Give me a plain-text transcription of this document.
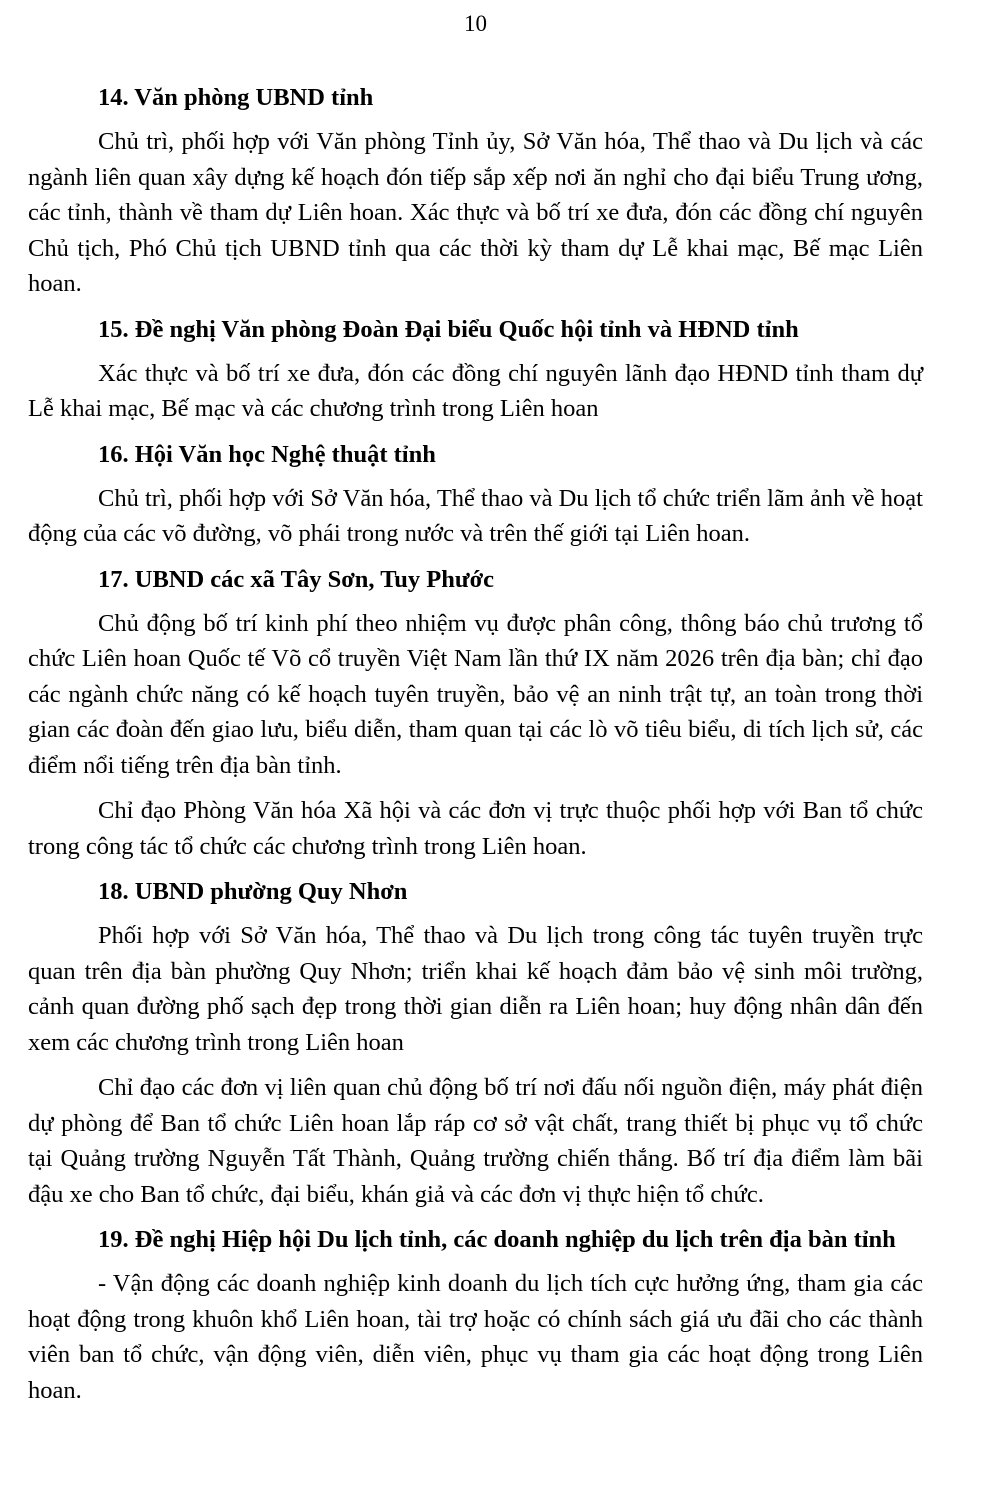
10

14. Văn phòng UBND tỉnh

Chủ trì, phối hợp với Văn phòng Tỉnh ủy, Sở Văn hóa, Thể thao và Du lịch và các ngành liên quan xây dựng kế hoạch đón tiếp sắp xếp nơi ăn nghỉ cho đại biểu Trung ương, các tỉnh, thành về tham dự Liên hoan. Xác thực và bố trí xe đưa, đón các đồng chí nguyên Chủ tịch, Phó Chủ tịch UBND tỉnh qua các thời kỳ tham dự Lễ khai mạc, Bế mạc Liên hoan.

15. Đề nghị Văn phòng Đoàn Đại biểu Quốc hội tỉnh và HĐND tỉnh

Xác thực và bố trí xe đưa, đón các đồng chí nguyên lãnh đạo HĐND tỉnh tham dự Lễ khai mạc, Bế mạc và các chương trình trong Liên hoan

16. Hội Văn học Nghệ thuật tỉnh

Chủ trì, phối hợp với Sở Văn hóa, Thể thao và Du lịch tổ chức triển lãm ảnh về hoạt động của các võ đường, võ phái trong nước và trên thế giới tại Liên hoan.

17. UBND các xã Tây Sơn, Tuy Phước

Chủ động bố trí kinh phí theo nhiệm vụ được phân công, thông báo chủ trương tổ chức Liên hoan Quốc tế Võ cổ truyền Việt Nam lần thứ IX năm 2026 trên địa bàn; chỉ đạo các ngành chức năng có kế hoạch tuyên truyền, bảo vệ an ninh trật tự, an toàn trong thời gian các đoàn đến giao lưu, biểu diễn, tham quan tại các lò võ tiêu biểu, di tích lịch sử, các điểm nổi tiếng trên địa bàn tỉnh.

Chỉ đạo Phòng Văn hóa Xã hội và các đơn vị trực thuộc phối hợp với Ban tổ chức trong công tác tổ chức các chương trình trong Liên hoan.

18. UBND phường Quy Nhơn

Phối hợp với Sở Văn hóa, Thể thao và Du lịch trong công tác tuyên truyền trực quan trên địa bàn phường Quy Nhơn; triển khai kế hoạch đảm bảo vệ sinh môi trường, cảnh quan đường phố sạch đẹp trong thời gian diễn ra Liên hoan; huy động nhân dân đến xem các chương trình trong Liên hoan

Chỉ đạo các đơn vị liên quan chủ động bố trí nơi đấu nối nguồn điện, máy phát điện dự phòng để Ban tổ chức Liên hoan lắp ráp cơ sở vật chất, trang thiết bị phục vụ tổ chức tại Quảng trường Nguyễn Tất Thành, Quảng trường chiến thắng. Bố trí địa điểm làm bãi đậu xe cho Ban tổ chức, đại biểu, khán giả và các đơn vị thực hiện tổ chức.

19. Đề nghị Hiệp hội Du lịch tỉnh, các doanh nghiệp du lịch trên địa bàn tỉnh

- Vận động các doanh nghiệp kinh doanh du lịch tích cực hưởng ứng, tham gia các hoạt động trong khuôn khổ Liên hoan, tài trợ hoặc có chính sách giá ưu đãi cho các thành viên ban tổ chức, vận động viên, diễn viên, phục vụ tham gia các hoạt động trong Liên hoan.
